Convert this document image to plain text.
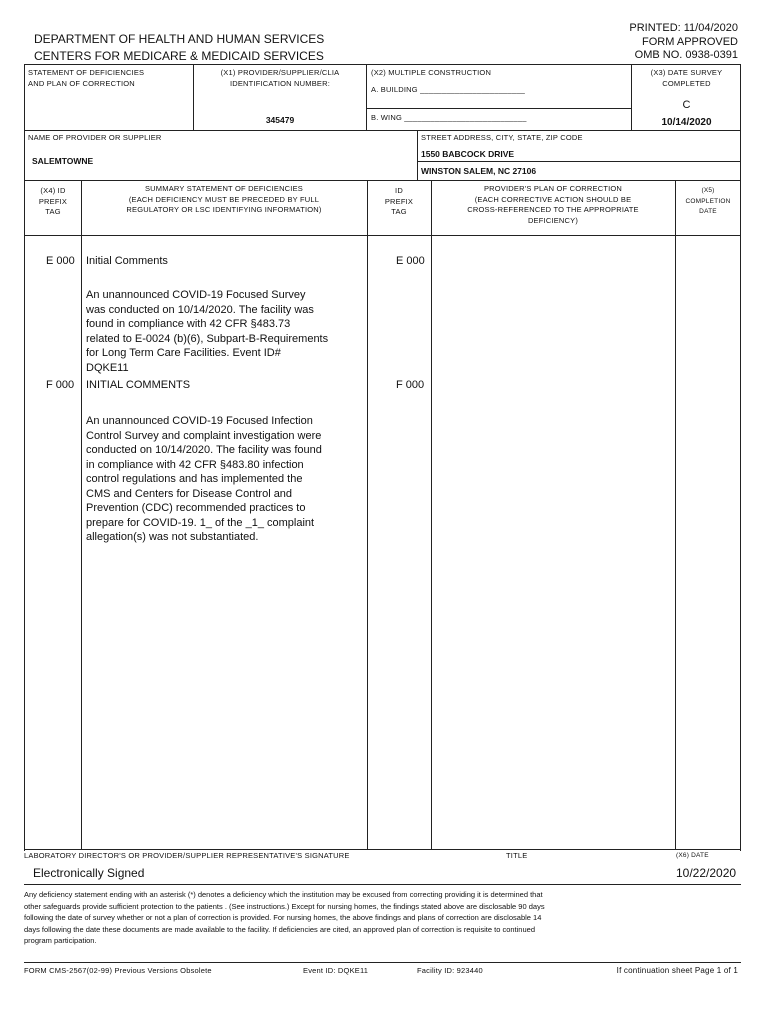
DEPARTMENT OF HEALTH AND HUMAN SERVICES
CENTERS FOR MEDICARE & MEDICAID SERVICES
PRINTED: 11/04/2020
FORM APPROVED
OMB NO. 0938-0391
STATEMENT OF DEFICIENCIES
AND PLAN OF CORRECTION
(X1) PROVIDER/SUPPLIER/CLIA
IDENTIFICATION NUMBER:
345479
(X2) MULTIPLE CONSTRUCTION
A. BUILDING ________________________
B. WING ____________________________
(X3) DATE SURVEY
COMPLETED
C
10/14/2020
NAME OF PROVIDER OR SUPPLIER
SALEMTOWNE
STREET ADDRESS, CITY, STATE, ZIP CODE
1550 BABCOCK DRIVE
WINSTON SALEM, NC 27106
(X4) ID
PREFIX
TAG
SUMMARY STATEMENT OF DEFICIENCIES
(EACH DEFICIENCY MUST BE PRECEDED BY FULL
REGULATORY OR LSC IDENTIFYING INFORMATION)
ID
PREFIX
TAG
PROVIDER'S PLAN OF CORRECTION
(EACH CORRECTIVE ACTION SHOULD BE
CROSS-REFERENCED TO THE APPROPRIATE
DEFICIENCY)
(X5)
COMPLETION
DATE
E 000 Initial Comments	E 000
An unannounced COVID-19 Focused Survey
was conducted on 10/14/2020. The facility was
found in compliance with 42 CFR §483.73
related to E-0024 (b)(6), Subpart-B-Requirements
for Long Term Care Facilities. Event ID#
DQKE11
F 000 INITIAL COMMENTS	F 000
An unannounced COVID-19 Focused Infection
Control Survey and complaint investigation were
conducted on 10/14/2020. The facility was found
in compliance with 42 CFR §483.80 infection
control regulations and has implemented the
CMS and Centers for Disease Control and
Prevention (CDC) recommended practices to
prepare for COVID-19. 1_ of the _1_ complaint
allegation(s) was not substantiated.
LABORATORY DIRECTOR'S OR PROVIDER/SUPPLIER REPRESENTATIVE'S SIGNATURE	TITLE	(X6) DATE
Electronically Signed	10/22/2020
Any deficiency statement ending with an asterisk (*) denotes a deficiency which the institution may be excused from correcting providing it is determined that
other safeguards provide sufficient protection to the patients . (See instructions.) Except for nursing homes, the findings stated above are disclosable 90 days
following the date of survey whether or not a plan of correction is provided. For nursing homes, the above findings and plans of correction are disclosable 14
days following the date these documents are made available to the facility. If deficiencies are cited, an approved plan of correction is requisite to continued
program participation.
FORM CMS-2567(02-99) Previous Versions Obsolete	Event ID: DQKE11	Facility ID: 923440	If continuation sheet Page 1 of 1
